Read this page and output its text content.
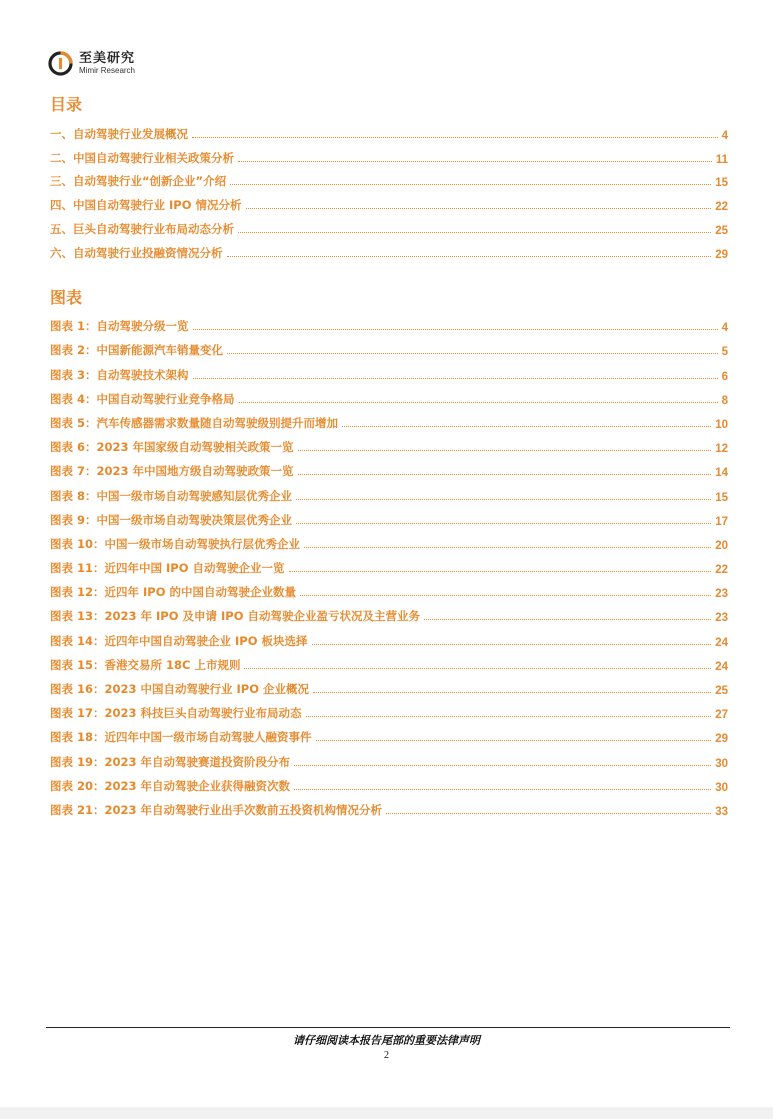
至美研究
Mimir Research
目录
一、自动驾驶行业发展概况	4
二、中国自动驾驶行业相关政策分析	11
三、自动驾驶行业“创新企业”介绍	15
四、中国自动驾驶行业 IPO 情况分析	22
五、巨头自动驾驶行业布局动态分析	25
六、自动驾驶行业投融资情况分析	29
图表
图表 1：自动驾驶分级一览	4
图表 2：中国新能源汽车销量变化	5
图表 3：自动驾驶技术架构	6
图表 4：中国自动驾驶行业竞争格局	8
图表 5：汽车传感器需求数量随自动驾驶级别提升而增加	10
图表 6：2023 年国家级自动驾驶相关政策一览	12
图表 7：2023 年中国地方级自动驾驶政策一览	14
图表 8：中国一级市场自动驾驶感知层优秀企业	15
图表 9：中国一级市场自动驾驶决策层优秀企业	17
图表 10：中国一级市场自动驾驶执行层优秀企业	20
图表 11：近四年中国 IPO 自动驾驶企业一览	22
图表 12：近四年 IPO 的中国自动驾驶企业数量	23
图表 13：2023 年 IPO 及申请 IPO 自动驾驶企业盈亏状况及主营业务	23
图表 14：近四年中国自动驾驶企业 IPO 板块选择	24
图表 15：香港交易所 18C 上市规则	24
图表 16：2023 中国自动驾驶行业 IPO 企业概况	25
图表 17：2023 科技巨头自动驾驶行业布局动态	27
图表 18：近四年中国一级市场自动驾驶人融资事件	29
图表 19：2023 年自动驾驶赛道投资阶段分布	30
图表 20：2023 年自动驾驶企业获得融资次数	30
图表 21：2023 年自动驾驶行业出手次数前五投资机构情况分析	33
请仔细阅读本报告尾部的重要法律声明
2
